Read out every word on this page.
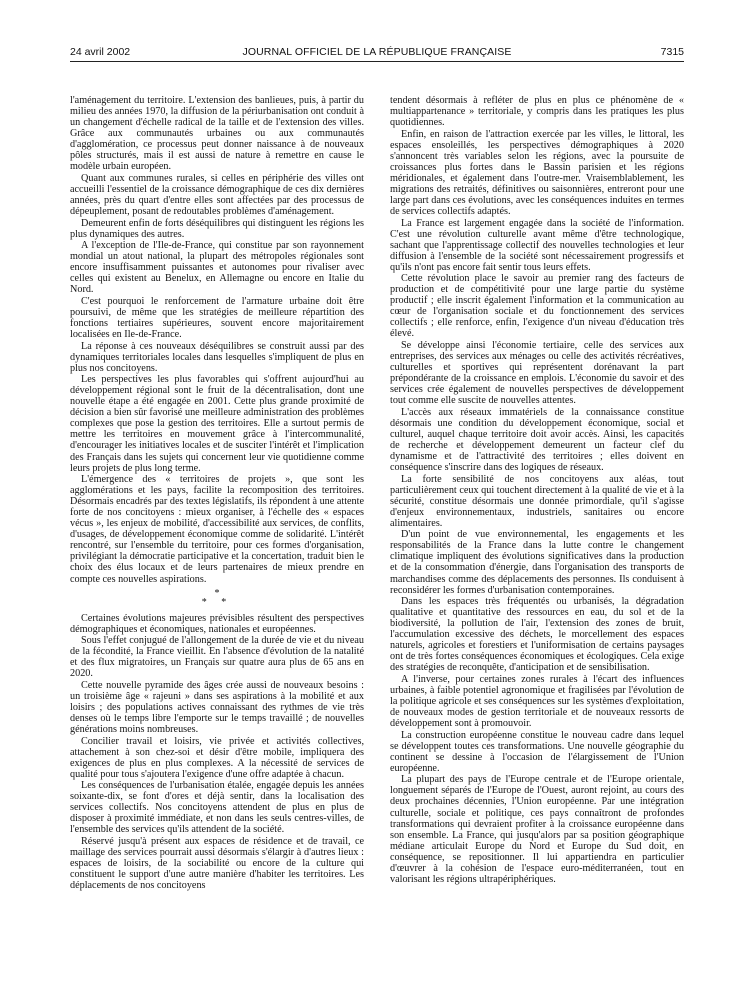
24 avril 2002	JOURNAL OFFICIEL DE LA RÉPUBLIQUE FRANÇAISE	7315

l'aménagement du territoire. L'extension des banlieues, puis, à partir du milieu des années 1970, la diffusion de la périurbanisation ont conduit à un changement d'échelle radical de la taille et de l'extension des villes. Grâce aux communautés urbaines ou aux communautés d'agglomération, ce processus peut donner naissance à de nouveaux pôles structurés, mais il est aussi de nature à remettre en cause le modèle urbain européen.

Quant aux communes rurales, si celles en périphérie des villes ont accueilli l'essentiel de la croissance démographique de ces dix dernières années, près du quart d'entre elles sont affectées par des processus de dépeuplement, posant de redoutables problèmes d'aménagement.

Demeurent enfin de forts déséquilibres qui distinguent les régions les plus dynamiques des autres.

A l'exception de l'Ile-de-France, qui constitue par son rayonnement mondial un atout national, la plupart des métropoles régionales sont encore insuffisamment puissantes et autonomes pour rivaliser avec celles qui existent au Benelux, en Allemagne ou encore en Italie du Nord.

C'est pourquoi le renforcement de l'armature urbaine doit être poursuivi, de même que les stratégies de meilleure répartition des fonctions tertiaires supérieures, souvent encore majoritairement localisées en Ile-de-France.

La réponse à ces nouveaux déséquilibres se construit aussi par des dynamiques territoriales locales dans lesquelles s'impliquent de plus en plus nos concitoyens.

Les perspectives les plus favorables qui s'offrent aujourd'hui au développement régional sont le fruit de la décentralisation, dont une nouvelle étape a été engagée en 2001. Cette plus grande proximité de décision a bien sûr favorisé une meilleure administration des problèmes complexes que pose la gestion des territoires. Elle a surtout permis de mettre les territoires en mouvement grâce à l'intercommunalité, d'encourager les initiatives locales et de susciter l'intérêt et l'implication des Français dans les sujets qui concernent leur vie quotidienne comme leurs projets de plus long terme.

L'émergence des « territoires de projets », que sont les agglomérations et les pays, facilite la recomposition des territoires. Désormais encadrés par des textes législatifs, ils répondent à une attente forte de nos concitoyens : mieux organiser, à l'échelle des « espaces vécus », les enjeux de mobilité, d'accessibilité aux services, de conflits, d'usages, de développement économique comme de solidarité. L'intérêt rencontré, sur l'ensemble du territoire, pour ces formes d'organisation, privilégiant la démocratie participative et la concertation, traduit bien le choix des élus locaux et de leurs partenaires de mieux prendre en compte ces nouvelles aspirations.

*
* *

Certaines évolutions majeures prévisibles résultent des perspectives démographiques et économiques, nationales et européennes.

Sous l'effet conjugué de l'allongement de la durée de vie et du niveau de la fécondité, la France vieillit. En l'absence d'évolution de la natalité et des flux migratoires, un Français sur quatre aura plus de 65 ans en 2020.

Cette nouvelle pyramide des âges crée aussi de nouveaux besoins : un troisième âge « rajeuni » dans ses aspirations à la mobilité et aux loisirs ; des populations actives connaissant des rythmes de vie très denses où le temps libre l'emporte sur le temps travaillé ; de nouvelles générations moins nombreuses.

Concilier travail et loisirs, vie privée et activités collectives, attachement à son chez-soi et désir d'être mobile, impliquera des exigences de plus en plus complexes. A la nécessité de services de qualité pour tous s'ajoutera l'exigence d'une offre adaptée à chacun.

Les conséquences de l'urbanisation étalée, engagée depuis les années soixante-dix, se font d'ores et déjà sentir, dans la localisation des services collectifs. Nos concitoyens attendent de plus en plus de disposer à proximité immédiate, et non dans les seuls centres-villes, de l'ensemble des services qu'ils attendent de la société.

Réservé jusqu'à présent aux espaces de résidence et de travail, ce maillage des services pourrait aussi désormais s'élargir à d'autres lieux : espaces de loisirs, de la sociabilité ou encore de la culture qui constituent le support d'une autre manière d'habiter les territoires. Les déplacements de nos concitoyens

tendent désormais à refléter de plus en plus ce phénomène de « multiappartenance » territoriale, y compris dans les pratiques les plus quotidiennes.

Enfin, en raison de l'attraction exercée par les villes, le littoral, les espaces ensoleillés, les perspectives démographiques à 2020 s'annoncent très variables selon les régions, avec la poursuite de croissances plus fortes dans le Bassin parisien et les régions méridionales, et également dans l'outre-mer. Vraisemblablement, les migrations des retraités, définitives ou saisonnières, entreront pour une large part dans ces évolutions, avec les conséquences induites en termes de services collectifs adaptés.

La France est largement engagée dans la société de l'information. C'est une révolution culturelle avant même d'être technologique, sachant que l'apprentissage collectif des nouvelles technologies et leur diffusion à l'ensemble de la société sont nécessairement progressifs et qu'ils n'ont pas encore fait sentir tous leurs effets.

Cette révolution place le savoir au premier rang des facteurs de production et de compétitivité pour une large partie du système productif ; elle inscrit également l'information et la communication au cœur de l'organisation sociale et du fonctionnement des services collectifs ; elle renforce, enfin, l'exigence d'un niveau d'éducation très élevé.

Se développe ainsi l'économie tertiaire, celle des services aux entreprises, des services aux ménages ou celle des activités récréatives, culturelles et sportives qui représentent dorénavant la part prépondérante de la croissance en emplois. L'économie du savoir et des services crée également de nouvelles perspectives de développement tout comme elle suscite de nouvelles attentes.

L'accès aux réseaux immatériels de la connaissance constitue désormais une condition du développement économique, social et culturel, auquel chaque territoire doit avoir accès. Ainsi, les capacités de recherche et développement demeurent un facteur clef du dynamisme et de l'attractivité des territoires ; elles doivent en conséquence s'inscrire dans des logiques de réseaux.

La forte sensibilité de nos concitoyens aux aléas, tout particulièrement ceux qui touchent directement à la qualité de vie et à la sécurité, constitue désormais une donnée primordiale, qu'il s'agisse d'enjeux environnementaux, industriels, sanitaires ou encore alimentaires.

D'un point de vue environnemental, les engagements et les responsabilités de la France dans la lutte contre le changement climatique impliquent des évolutions significatives dans la production et de la consommation d'énergie, dans l'organisation des transports de marchandises comme des déplacements des personnes. Ils conduisent à reconsidérer les formes d'urbanisation contemporaines.

Dans les espaces très fréquentés ou urbanisés, la dégradation qualitative et quantitative des ressources en eau, du sol et de la biodiversité, la pollution de l'air, l'extension des zones de bruit, l'accumulation excessive des déchets, le morcellement des espaces naturels, agricoles et forestiers et l'uniformisation de certains paysages ont de très fortes conséquences économiques et écologiques. Cela exige des stratégies de reconquête, d'anticipation et de sensibilisation.

A l'inverse, pour certaines zones rurales à l'écart des influences urbaines, à faible potentiel agronomique et fragilisées par l'évolution de la politique agricole et ses conséquences sur les systèmes d'exploitation, de nouveaux modes de gestion territoriale et de nouveaux ressorts de développement sont à promouvoir.

La construction européenne constitue le nouveau cadre dans lequel se développent toutes ces transformations. Une nouvelle géographie du continent se dessine à l'occasion de l'élargissement de l'Union européenne.

La plupart des pays de l'Europe centrale et de l'Europe orientale, longuement séparés de l'Europe de l'Ouest, auront rejoint, au cours des deux prochaines décennies, l'Union européenne. Par une intégration culturelle, sociale et politique, ces pays connaîtront de profondes transformations qui devraient profiter à la croissance européenne dans son ensemble. La France, qui jusqu'alors par sa position géographique médiane articulait Europe du Nord et Europe du Sud doit, en conséquence, se repositionner. Il lui appartiendra en particulier d'œuvrer à la cohésion de l'espace euro-méditerranéen, tout en valorisant les régions ultrapériphériques.
